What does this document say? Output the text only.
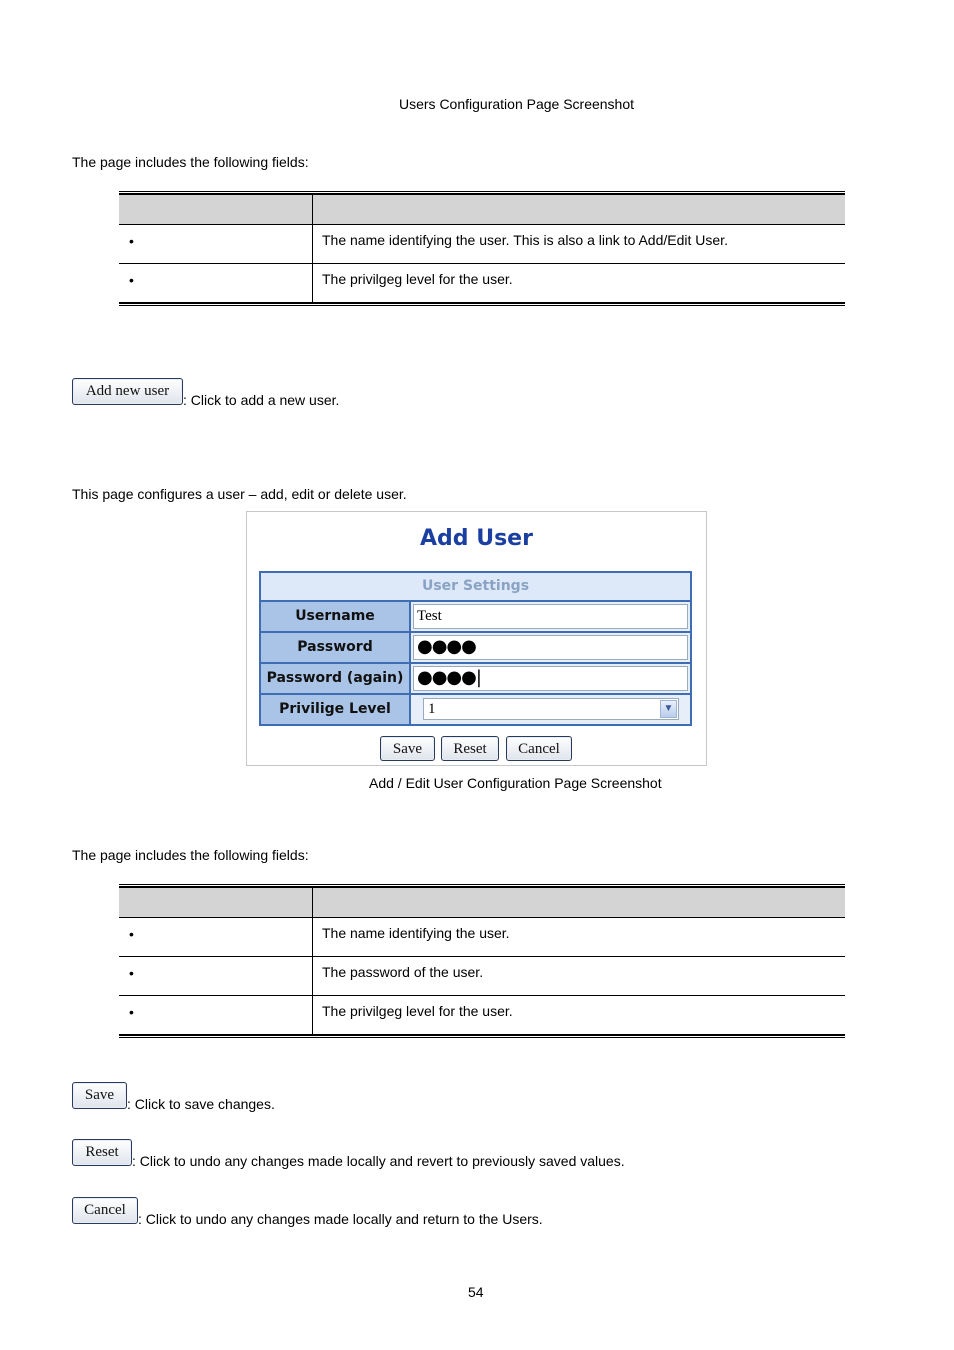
Users Configuration Page Screenshot
The page includes the following fields:
•	The name identifying the user. This is also a link to Add/Edit User.
•	The privilgeg level for the user.
Add new user
: Click to add a new user.
This page configures a user – add, edit or delete user.
Add User
User Settings
Username	Test
Password	●●●●
Password (again) ●●●●|
Privilige Level	1	▼
Save	Reset	Cancel
Add / Edit User Configuration Page Screenshot
The page includes the following fields:
•	The name identifying the user.
•	The password of the user.
•	The privilgeg level for the user.
Save
: Click to save changes.
Reset
: Click to undo any changes made locally and revert to previously saved values.
Cancel
: Click to undo any changes made locally and return to the Users.
54
